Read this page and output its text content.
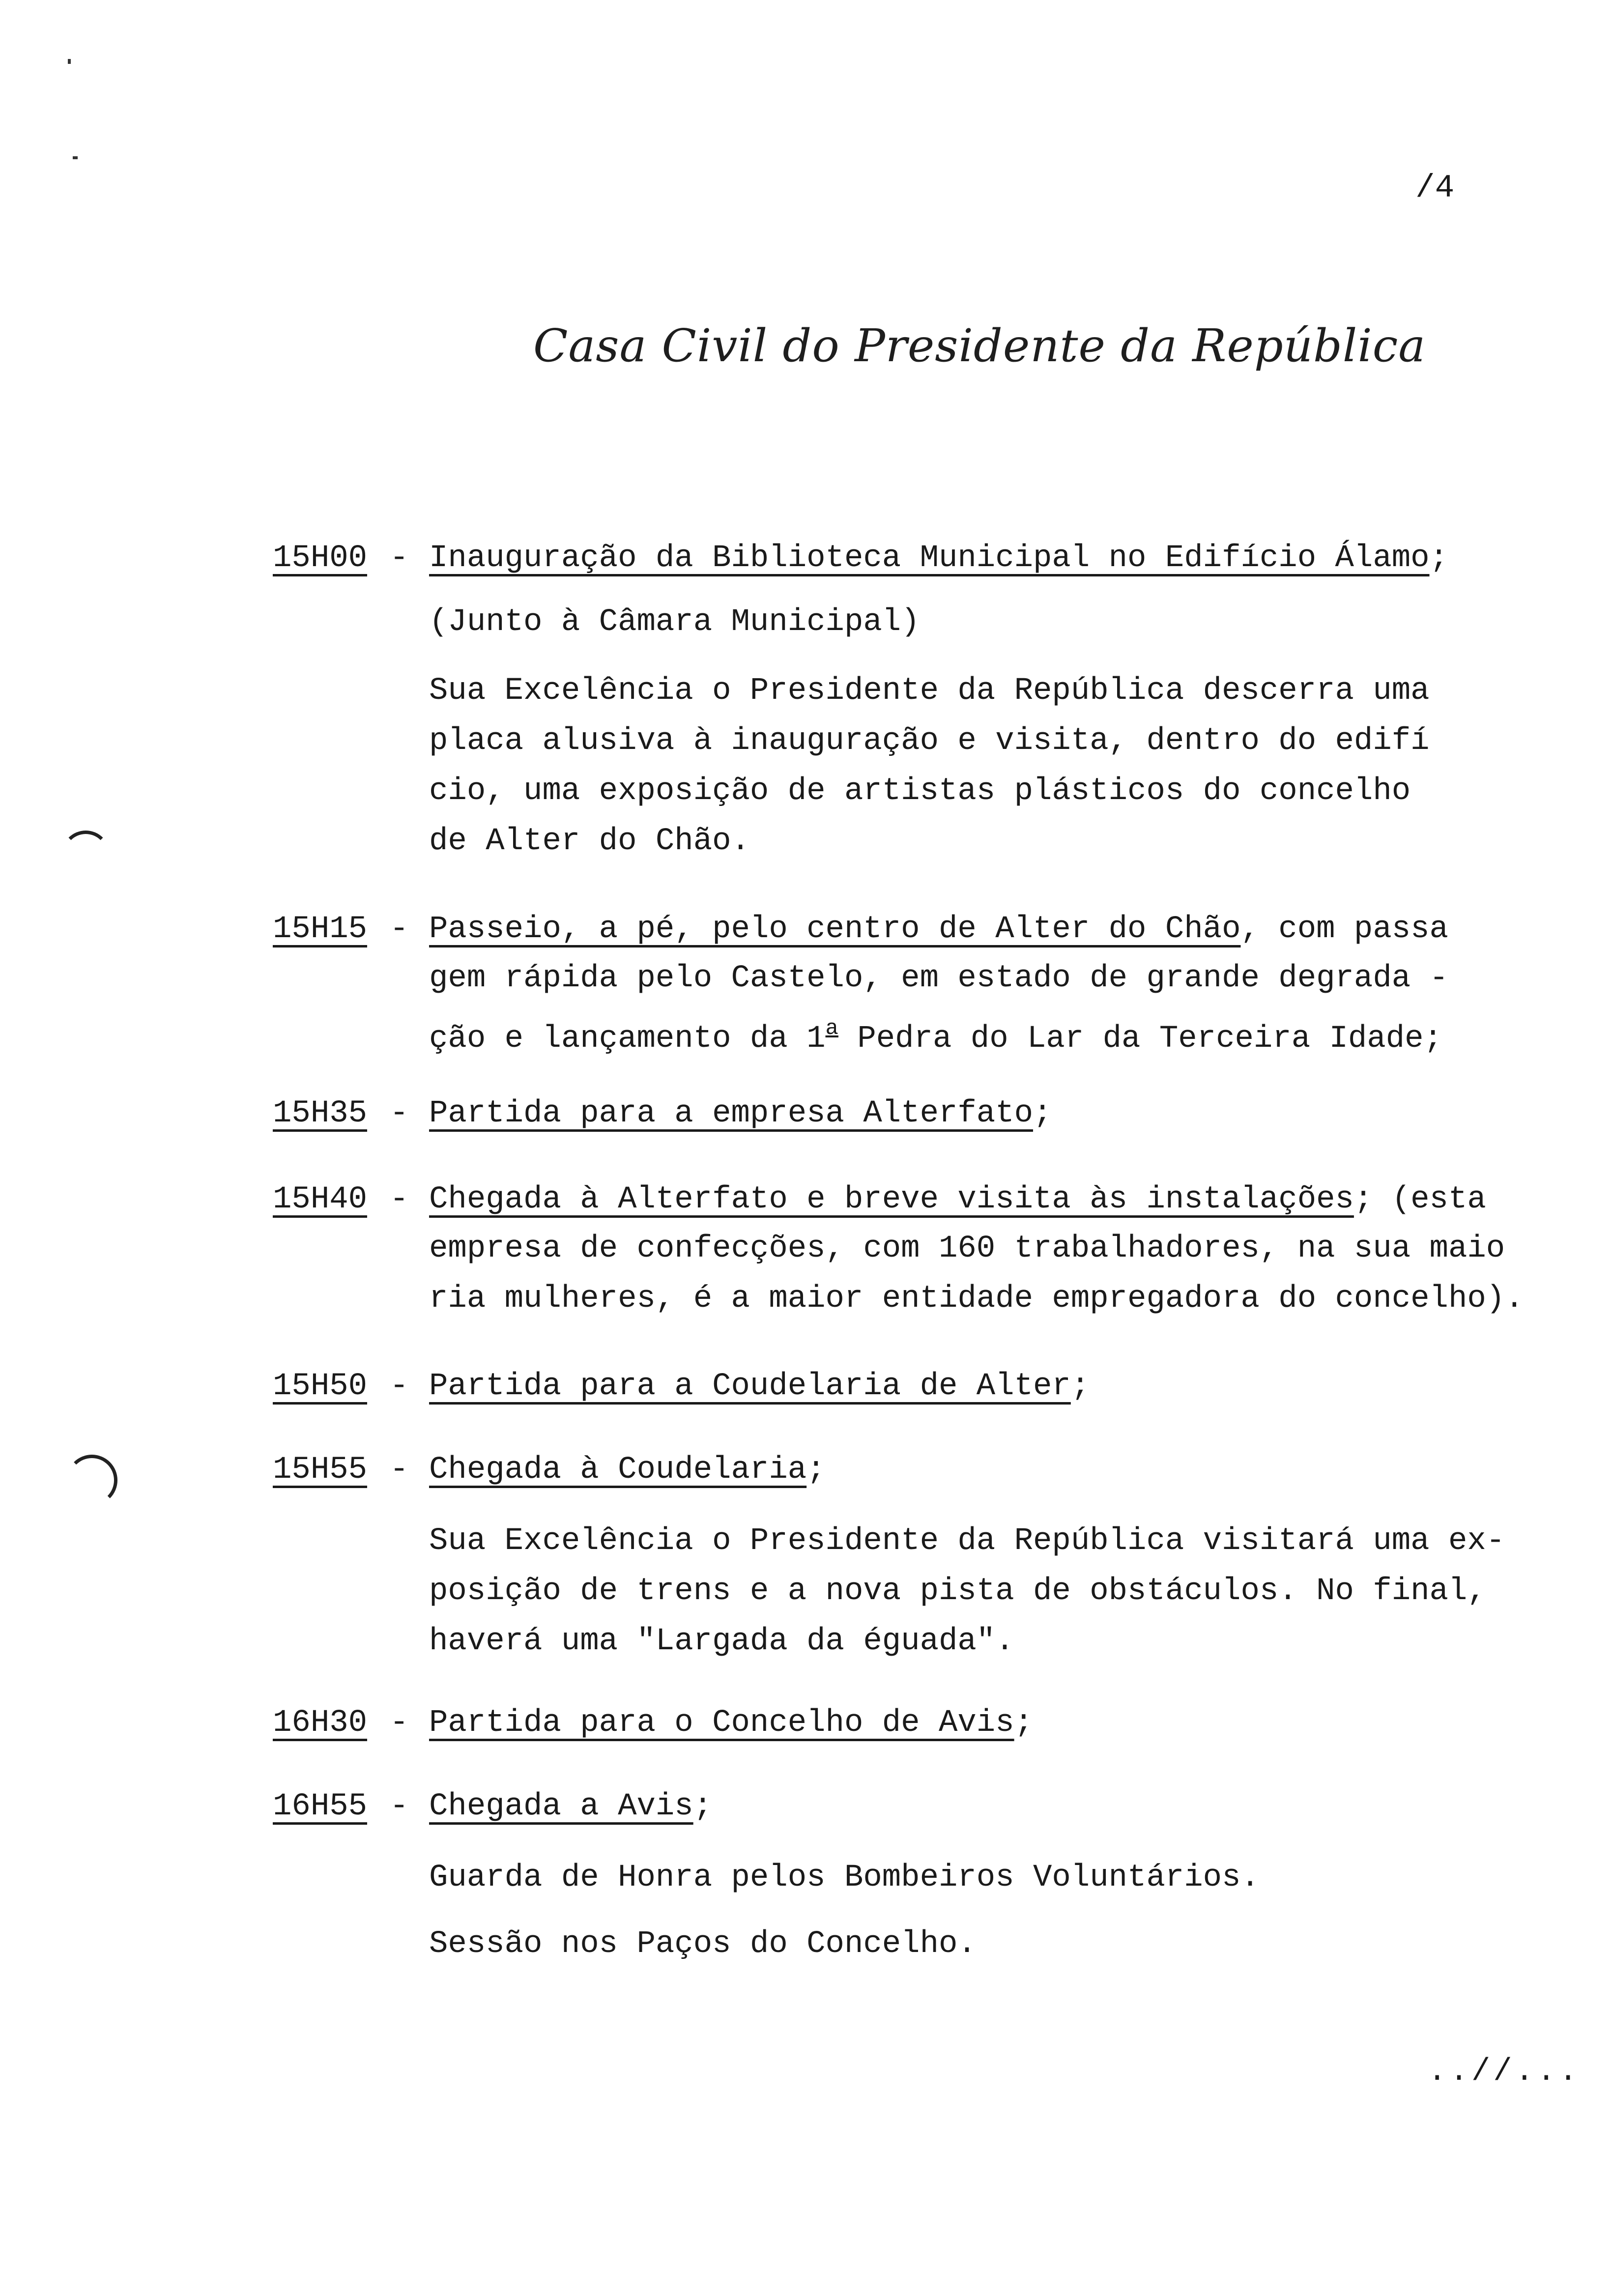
/4
Casa Civil do Presidente da República
15H00 - Inauguração da Biblioteca Municipal no Edifício Álamo;
(Junto à Câmara Municipal)
Sua Excelência o Presidente da República descerra uma
placa alusiva à inauguração e visita, dentro do edifí
cio, uma exposição de artistas plásticos do concelho
de Alter do Chão.
15H15 - Passeio, a pé, pelo centro de Alter do Chão, com passa
gem rápida pelo Castelo, em estado de grande degrada -
ção e lançamento da 1$^a$ Pedra do Lar da Terceira Idade;
15H35 - Partida para a empresa Alterfato;
15H40 - Chegada à Alterfato e breve visita às instalações; (esta
empresa de confecções, com 160 trabalhadores, na sua maio
ria mulheres, é a maior entidade empregadora do concelho).
15H50 - Partida para a Coudelaria de Alter;
15H55 - Chegada à Coudelaria;
Sua Excelência o Presidente da República visitará uma ex-
posição de trens e a nova pista de obstáculos. No final,
haverá uma "Largada da éguada".
16H30 - Partida para o Concelho de Avis;
16H55 - Chegada a Avis;
Guarda de Honra pelos Bombeiros Voluntários.
Sessão nos Paços do Concelho.
..//...
